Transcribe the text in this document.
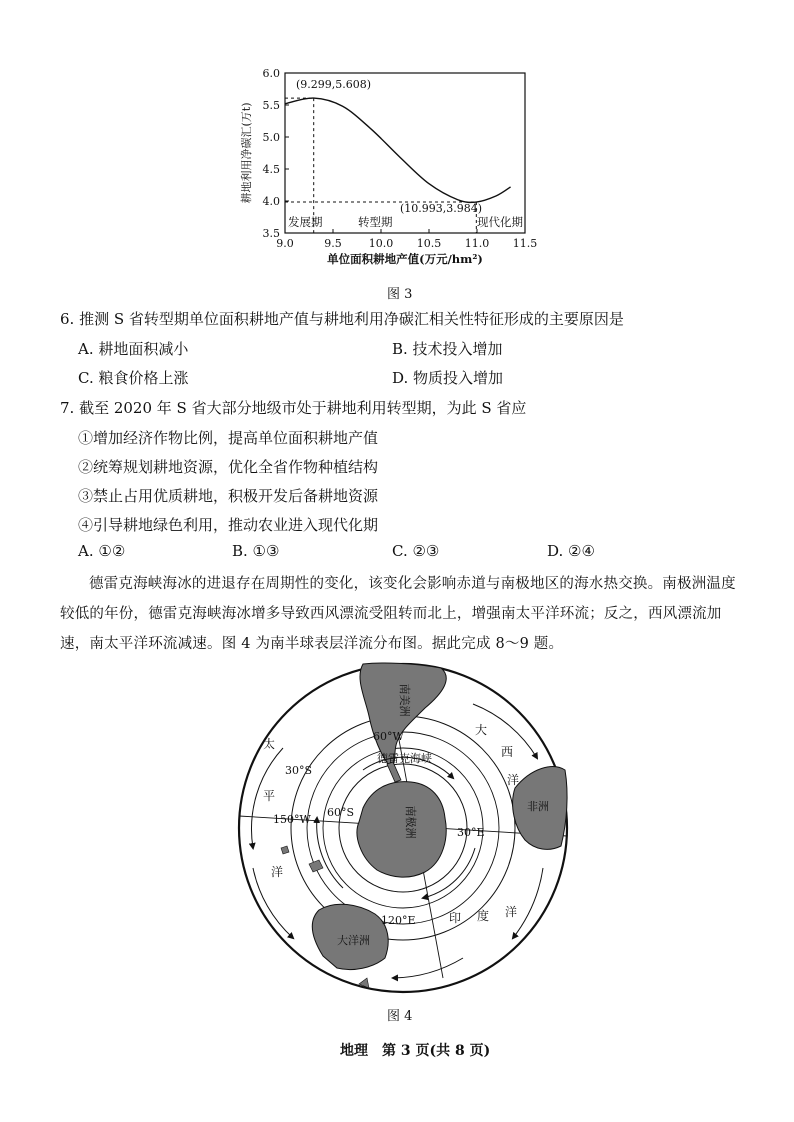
3.5
4.0
4.5
5.0
5.5
6.0
9.0	9.5 10.0 10.5 11.0 11.5
耕地利用净碳汇(万t)
单位面积耕地产值(万元/hm²)
(9.299,5.608)
(10.993,3.984)
发展期	转型期	现代化期
图 3
6. 推测 S 省转型期单位面积耕地产值与耕地利用净碳汇相关性特征形成的主要原因是
A. 耕地面积减小	B. 技术投入增加
C. 粮食价格上涨	D. 物质投入增加
7. 截至 2020 年 S 省大部分地级市处于耕地利用转型期，为此 S 省应
①增加经济作物比例，提高单位面积耕地产值
②统筹规划耕地资源，优化全省作物种植结构
③禁止占用优质耕地，积极开发后备耕地资源
④引导耕地绿色利用，推动农业进入现代化期
A. ①②	B. ①③	C. ②③	D. ②④
德雷克海峡海冰的进退存在周期性的变化，该变化会影响赤道与南极地区的海水热交换。南极洲温度较低的年份，德雷克海峡海冰增多导致西风漂流受阻转而北上，增强南太平洋环流；反之，西风漂流加速，南太平洋环流减速。图 4 为南半球表层洋流分布图。据此完成 8～9 题。
南美洲
60°W
太
平
洋
大
西
洋
印 度 洋
30°S
60°S
德雷克海峡
150°W
30°E
南极洲	非洲
120°E
大洋洲
图 4
地理　第 3 页(共 8 页)
